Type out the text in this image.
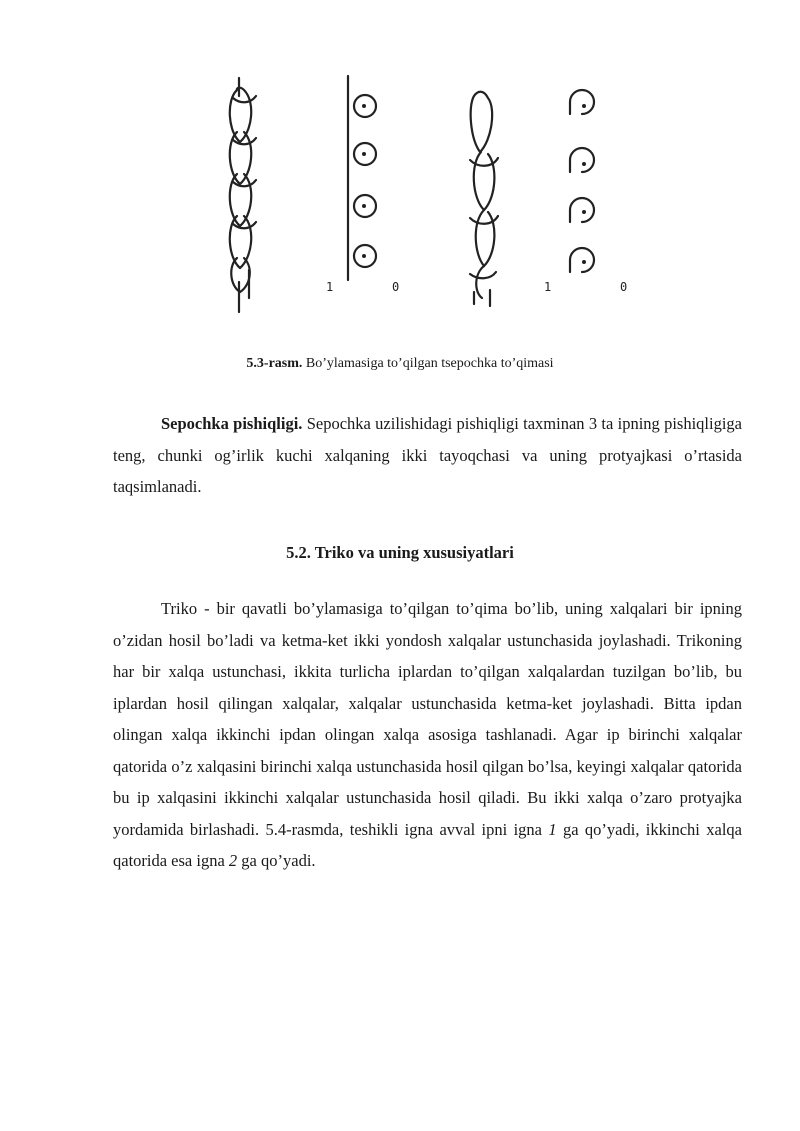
1	0	1	0
5.3-rasm. Bo’ylamasiga to’qilgan tsepochka to’qimasi

Sepochka pishiqligi. Sepochka uzilishidagi pishiqligi taxminan 3 ta ipning pishiqligiga teng, chunki og’irlik kuchi xalqaning ikki tayoqchasi va uning protyajkasi o’rtasida taqsimlanadi.

5.2. Triko va uning xususiyatlari

Triko - bir qavatli bo’ylamasiga to’qilgan to’qima bo’lib, uning xalqalari bir ipning o’zidan hosil bo’ladi va ketma-ket ikki yondosh xalqalar ustunchasida joylashadi. Trikoning har bir xalqa ustunchasi, ikkita turlicha iplardan to’qilgan xalqalardan tuzilgan bo’lib, bu iplardan hosil qilingan xalqalar, xalqalar ustunchasida ketma-ket joylashadi. Bitta ipdan olingan xalqa ikkinchi ipdan olingan xalqa asosiga tashlanadi. Agar ip birinchi xalqalar qatorida o’z xalqasini birinchi xalqa ustunchasida hosil qilgan bo’lsa, keyingi xalqalar qatorida bu ip xalqasini ikkinchi xalqalar ustunchasida hosil qiladi. Bu ikki xalqa o’zaro protyajka yordamida birlashadi. 5.4-rasmda, teshikli igna avval ipni igna 1 ga qo’yadi, ikkinchi xalqa qatorida esa igna 2 ga qo’yadi.
